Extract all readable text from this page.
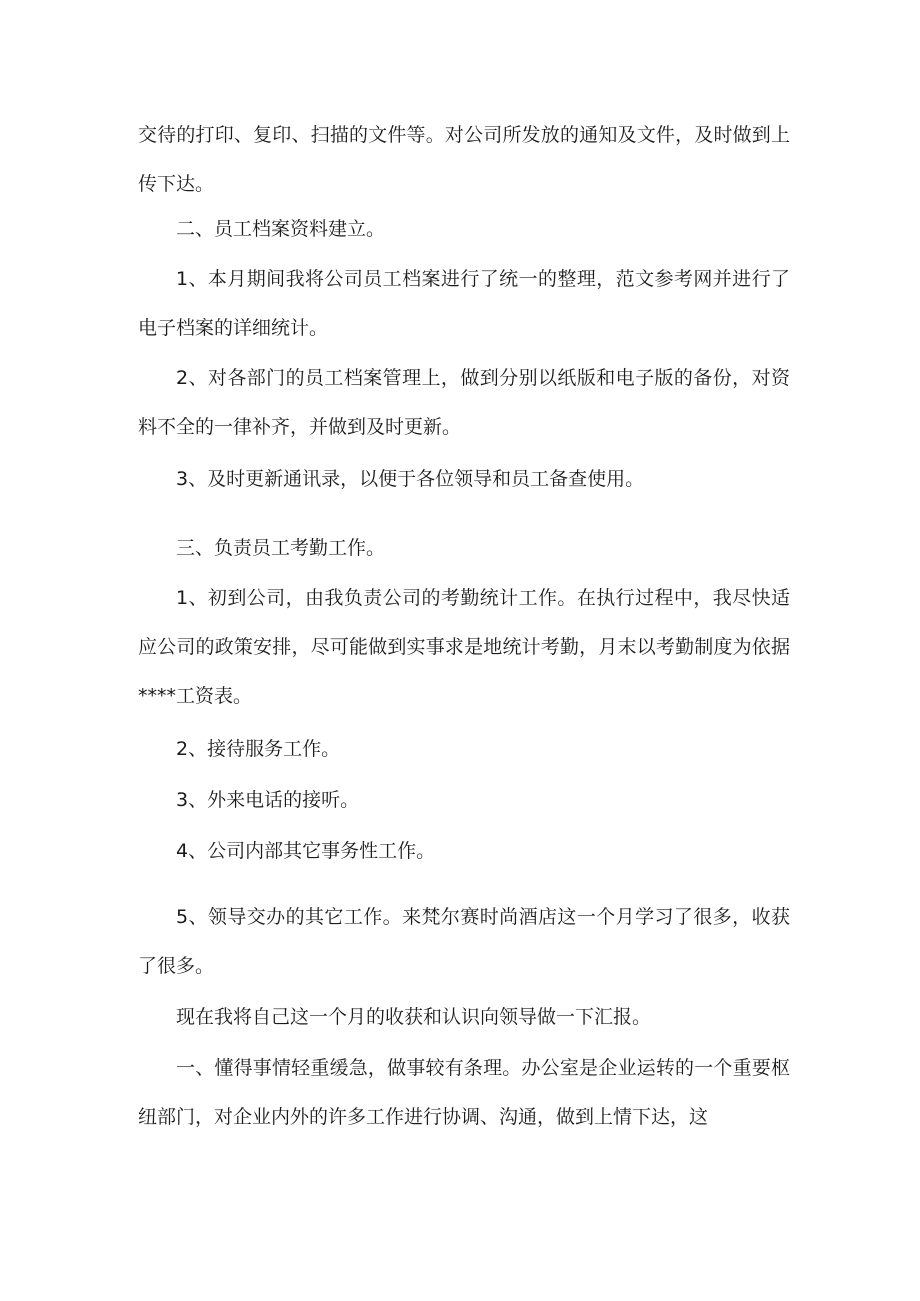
交待的打印、复印、扫描的文件等。对公司所发放的通知及文件，及时做到上传下达。

二、员工档案资料建立。

1、本月期间我将公司员工档案进行了统一的整理，范文参考网并进行了电子档案的详细统计。

2、对各部门的员工档案管理上，做到分别以纸版和电子版的备份，对资料不全的一律补齐，并做到及时更新。

3、及时更新通讯录，以便于各位领导和员工备查使用。

三、负责员工考勤工作。

1、初到公司，由我负责公司的考勤统计工作。在执行过程中，我尽快适应公司的政策安排，尽可能做到实事求是地统计考勤，月末以考勤制度为依据****工资表。

2、接待服务工作。

3、外来电话的接听。

4、公司内部其它事务性工作。

5、领导交办的其它工作。来梵尔赛时尚酒店这一个月学习了很多，收获了很多。

现在我将自己这一个月的收获和认识向领导做一下汇报。

一、懂得事情轻重缓急，做事较有条理。办公室是企业运转的一个重要枢纽部门，对企业内外的许多工作进行协调、沟通，做到上情下达，这
